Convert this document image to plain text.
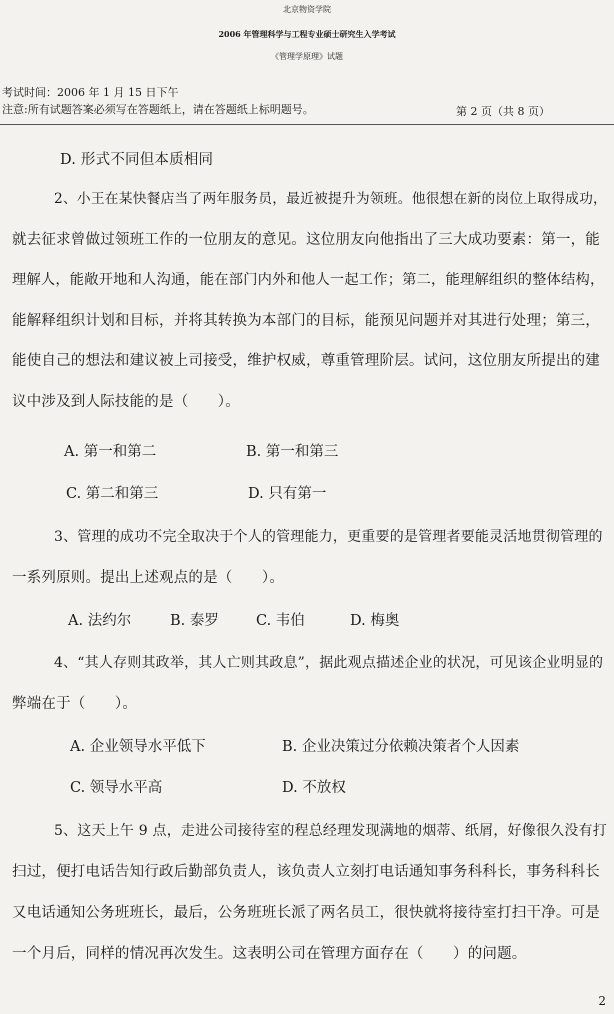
北京物资学院
2006 年管理科学与工程专业硕士研究生入学考试
《管理学原理》试题
考试时间：2006 年 1 月 15 日下午
注意:所有试题答案必须写在答题纸上，请在答题纸上标明题号。	第 2 页（共 8 页）
D. 形式不同但本质相同
2、小王在某快餐店当了两年服务员，最近被提升为领班。他很想在新的岗位上取得成功，
就去征求曾做过领班工作的一位朋友的意见。这位朋友向他指出了三大成功要素：第一，能
理解人，能敞开地和人沟通，能在部门内外和他人一起工作；第二，能理解组织的整体结构，
能解释组织计划和目标，并将其转换为本部门的目标，能预见问题并对其进行处理；第三，
能使自己的想法和建议被上司接受，维护权威，尊重管理阶层。试问，这位朋友所提出的建
议中涉及到人际技能的是（　　）。
A. 第一和第二	B. 第一和第三
C. 第二和第三	D. 只有第一
3、管理的成功不完全取决于个人的管理能力，更重要的是管理者要能灵活地贯彻管理的
一系列原则。提出上述观点的是（　　）。
A. 法约尔	B. 泰罗	C. 韦伯	D. 梅奥
4、“其人存则其政举，其人亡则其政息”，据此观点描述企业的状况，可见该企业明显的
弊端在于（　　）。
A. 企业领导水平低下	B. 企业决策过分依赖决策者个人因素
C. 领导水平高	D. 不放权
5、这天上午 9 点，走进公司接待室的程总经理发现满地的烟蒂、纸屑，好像很久没有打
扫过，便打电话告知行政后勤部负责人，该负责人立刻打电话通知事务科科长，事务科科长
又电话通知公务班班长，最后，公务班班长派了两名员工，很快就将接待室打扫干净。可是
一个月后，同样的情况再次发生。这表明公司在管理方面存在（　　）的问题。
2
